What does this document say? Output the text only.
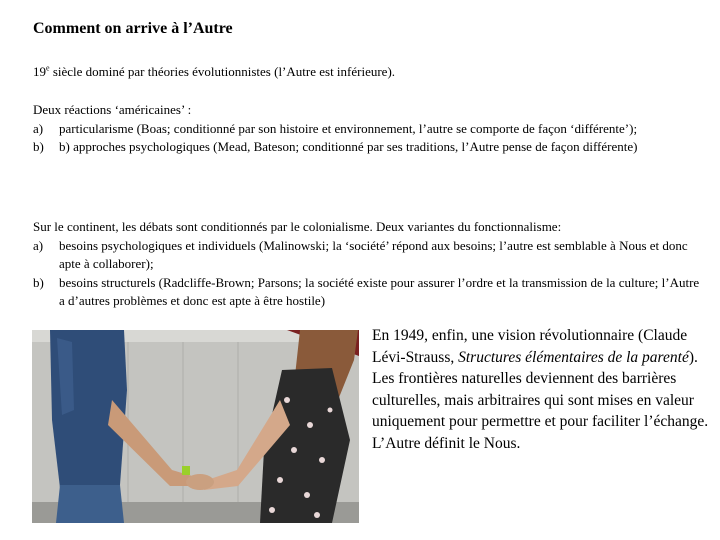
Comment on arrive à l’Autre
19e siècle dominé par théories évolutionnistes (l’Autre est inférieure).
Deux réactions ‘américaines’ :
a) particularisme (Boas; conditionné par son histoire et environnement, l’autre se comporte de façon ‘différente’);
b) b) approches psychologiques (Mead, Bateson; conditionné par ses traditions, l’Autre pense de façon différente)
Sur le continent, les débats sont conditionnés par le colonialisme. Deux variantes du fonctionnalisme:
a) besoins psychologiques et individuels (Malinowski; la ‘société’ répond aux besoins; l’autre est semblable à Nous et donc apte à collaborer);
b) besoins structurels (Radcliffe-Brown; Parsons; la société existe pour assurer l’ordre et la transmission de la culture; l’Autre a d’autres problèmes et donc est apte à être hostile)
En 1949, enfin, une vision révolutionnaire (Claude Lévi-Strauss, Structures élémentaires de la parenté). Les frontières naturelles deviennent des barrières culturelles, mais arbitraires qui sont mises en valeur uniquement pour permettre et pour faciliter l’échange. L’Autre définit le Nous.
